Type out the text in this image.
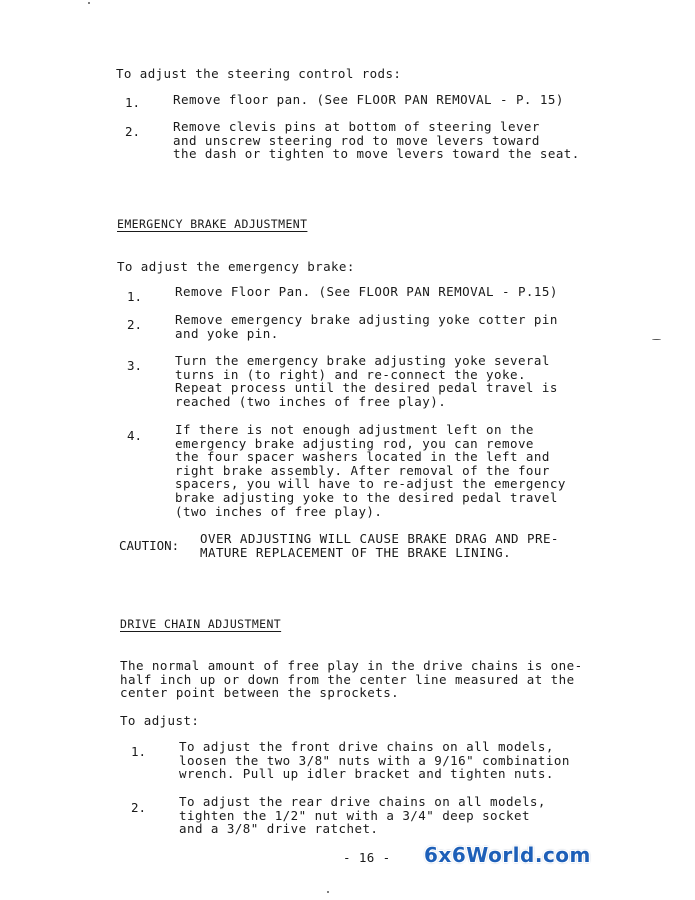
To adjust the steering control rods:
1.	Remove floor pan. (See FLOOR PAN REMOVAL - P. 15)
2.	Remove clevis pins at bottom of steering lever
and unscrew steering rod to move levers toward
the dash or tighten to move levers toward the seat.
EMERGENCY BRAKE ADJUSTMENT
To adjust the emergency brake:
1.	Remove Floor Pan. (See FLOOR PAN REMOVAL - P.15)
2.	Remove emergency brake adjusting yoke cotter pin
and yoke pin.
3.	Turn the emergency brake adjusting yoke several
turns in (to right) and re-connect the yoke.
Repeat process until the desired pedal travel is
reached (two inches of free play).
4.	If there is not enough adjustment left on the
emergency brake adjusting rod, you can remove
the four spacer washers located in the left and
right brake assembly. After removal of the four
spacers, you will have to re-adjust the emergency
brake adjusting yoke to the desired pedal travel
(two inches of free play).
CAUTION: OVER ADJUSTING WILL CAUSE BRAKE DRAG AND PRE-
MATURE REPLACEMENT OF THE BRAKE LINING.
DRIVE CHAIN ADJUSTMENT
The normal amount of free play in the drive chains is one-
half inch up or down from the center line measured at the
center point between the sprockets.
To adjust:
1.	To adjust the front drive chains on all models,
loosen the two 3/8" nuts with a 9/16" combination
wrench. Pull up idler bracket and tighten nuts.
2.	To adjust the rear drive chains on all models,
tighten the 1/2" nut with a 3/4" deep socket
and a 3/8" drive ratchet.
- 16 - 6x6World.com
